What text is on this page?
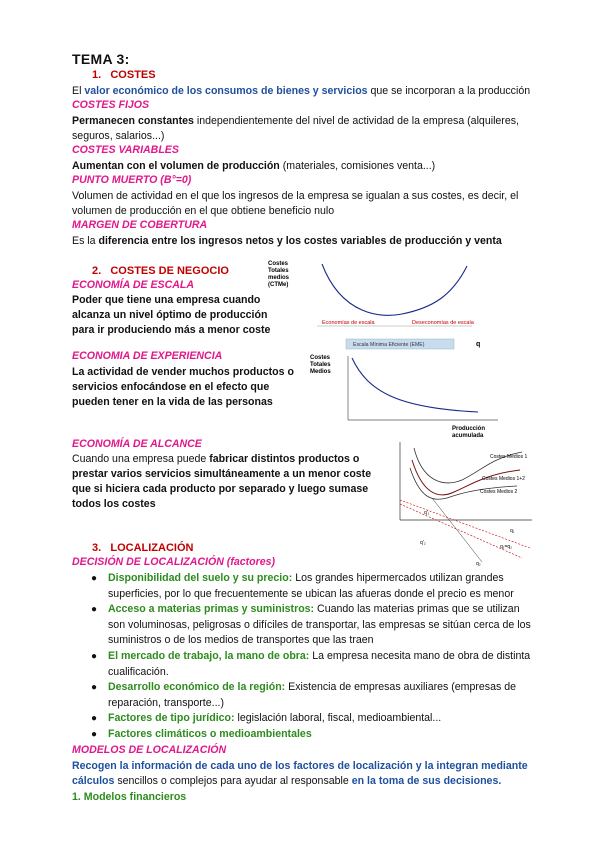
TEMA 3:
1. COSTES
El valor económico de los consumos de bienes y servicios que se incorporan a la producción
COSTES FIJOS
Permanecen constantes independientemente del nivel de actividad de la empresa (alquileres,
seguros, salarios...)
COSTES VARIABLES
Aumentan con el volumen de producción (materiales, comisiones venta...)
PUNTO MUERTO (B°=0)
Volumen de actividad en el que los ingresos de la empresa se igualan a sus costes, es decir, el
volumen de producción en el que obtiene beneficio nulo
MARGEN DE COBERTURA
Es la diferencia entre los ingresos netos y los costes variables de producción y venta
2. COSTES DE NEGOCIO
ECONOMÍA DE ESCALA
Poder que tiene una empresa cuando
alcanza un nivel óptimo de producción
para ir produciendo más a menor coste
ECONOMIA DE EXPERIENCIA
La actividad de vender muchos productos o
servicios enfocándose en el efecto que
pueden tener en la vida de las personas
ECONOMÍA DE ALCANCE
Cuando una empresa puede fabricar distintos productos o
prestar varios servicios simultáneamente a un menor coste
que si hiciera cada producto por separado y luego sumase
todos los costes
Costes
Totales
medios
(CTMe)
Economías de escala	Deseconomías de escala
Escala Mínima Eficiente (EME)	q
Costes
Totales
Medios
Producción
acumulada
Costes Medios 1
Costes Medios 1+2
Costes Medios 2
q'₁
q'₂
q₁
q₁=q₂
q₂
3. LOCALIZACIÓN
DECISIÓN DE LOCALIZACIÓN (factores)
● Disponibilidad del suelo y su precio: Los grandes hipermercados utilizan grandes
superficies, por lo que frecuentemente se ubican las afueras donde el precio es menor
● Acceso a materias primas y suministros: Cuando las materias primas que se utilizan
son voluminosas, peligrosas o difíciles de transportar, las empresas se sitúan cerca de los
suministros o de los medios de transportes que las traen
● El mercado de trabajo, la mano de obra: La empresa necesita mano de obra de distinta
cualificación.
● Desarrollo económico de la región: Existencia de empresas auxiliares (empresas de
reparación, transporte...)
● Factores de tipo jurídico: legislación laboral, fiscal, medioambiental...
● Factores climáticos o medioambientales
MODELOS DE LOCALIZACIÓN
Recogen la información de cada uno de los factores de localización y la integran mediante
cálculos sencillos o complejos para ayudar al responsable en la toma de sus decisiones.
1. Modelos financieros
